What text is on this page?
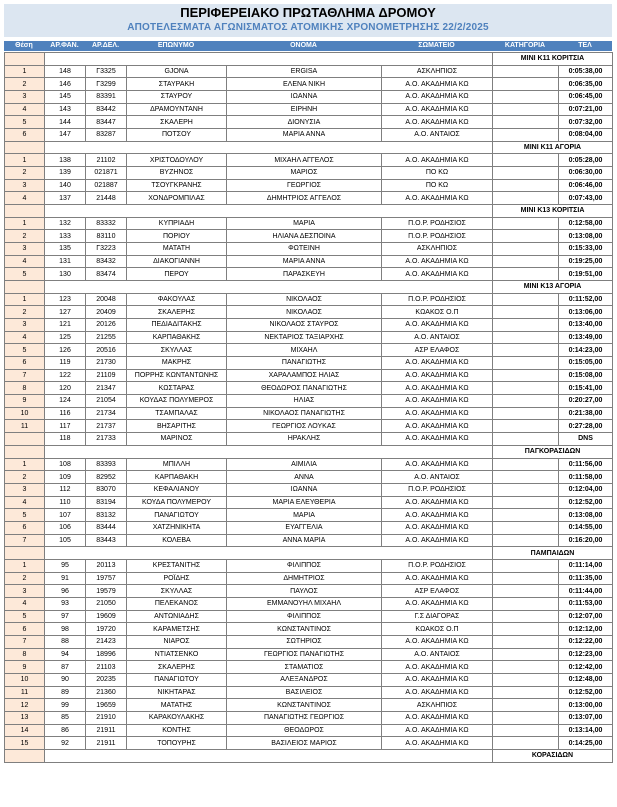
ΠΕΡΙΦΕΡΕΙΑΚΟ ΠΡΩΤΑΘΛΗΜΑ ΔΡΟΜΟΥ
ΑΠΟΤΕΛΕΣΜΑΤΑ ΑΓΩΝΙΣΜΑΤΟΣ ΑΤΟΜΙΚΗΣ ΧΡΟΝΟΜΕΤΡΗΣΗΣ 22/2/2025
Θέση	ΑΡ.ΦΑΝ.	ΑΡ.ΔΕΛ.	ΕΠΩΝΥΜΟ	ΟΝΟΜΑ	ΣΩΜΑΤΕΙΟ	ΚΑΤΗΓΟΡΙΑ	ΤΕΛ
						ΜΙΝΙ Κ11 ΚΟΡΙΤΣΙΑ	
1	148	Γ3325	GJONA	ERGISA	ΑΣΚΛΗΠΙΟΣ		0:05:38,00
2	146	Γ3299	ΣΤΑΥΡΑΚΗ	ΕΛΕΝΑ ΝΙΚΗ	Α.Ο. ΑΚΑΔΗΜΙΑ ΚΩ		0:06:35,00
3	145	83391	ΣΤΑΥΡΟΥ	ΙΩΑΝΝΑ	Α.Ο. ΑΚΑΔΗΜΙΑ ΚΩ		0:06:45,00
4	143	83442	ΔΡΑΜΟΥΝΤΑΝΗ	ΕΙΡΗΝΗ	Α.Ο. ΑΚΑΔΗΜΙΑ ΚΩ		0:07:21,00
5	144	83447	ΣΚΑΛΕΡΗ	ΔΙΟΝΥΣΙΑ	Α.Ο. ΑΚΑΔΗΜΙΑ ΚΩ		0:07:32,00
6	147	83287	ΠΟΤΣΟΥ	ΜΑΡΙΑ ΑΝΝΑ	Α.Ο. ΑΝΤΑΙΟΣ		0:08:04,00
						ΜΙΝΙ Κ11 ΑΓΟΡΙΑ	
1	138	21102	ΧΡΙΣΤΟΔΟΥΛΟΥ	ΜΙΧΑΗΛ ΑΓΓΕΛΟΣ	Α.Ο. ΑΚΑΔΗΜΙΑ ΚΩ		0:05:28,00
2	139	021871	ΒΥΖΗΝΟΣ	ΜΑΡΙΟΣ	ΠΟ ΚΩ		0:06:30,00
3	140	021887	ΤΣΟΥΓΚΡΑΝΗΣ	ΓΕΩΡΓΙΟΣ	ΠΟ ΚΩ		0:06:46,00
4	137	21448	ΧΟΝΔΡΟΜΠΙΛΑΣ	ΔΗΜΗΤΡΙΟΣ ΑΓΓΕΛΟΣ	Α.Ο. ΑΚΑΔΗΜΙΑ ΚΩ		0:07:43,00
						ΜΙΝΙ Κ13 ΚΟΡΙΤΣΙΑ	
1	132	83332	ΚΥΠΡΙΑΔΗ	ΜΑΡΙΑ	Π.Ο.Ρ. ΡΟΔΗΣΙΟΣ		0:12:58,00
2	133	83110	ΠΟΡΙΟΥ	ΗΛΙΑΝΑ ΔΕΣΠΟΙΝΑ	Π.Ο.Ρ. ΡΟΔΗΣΙΟΣ		0:13:08,00
3	135	Γ3223	ΜΑΤΑΤΗ	ΦΩΤΕΙΝΗ	ΑΣΚΛΗΠΙΟΣ		0:15:33,00
4	131	83432	ΔΙΑΚΟΓΙΑΝΝΗ	ΜΑΡΙΑ ΑΝΝΑ	Α.Ο. ΑΚΑΔΗΜΙΑ ΚΩ		0:19:25,00
5	130	83474	ΠΕΡΟΥ	ΠΑΡΑΣΚΕΥΗ	Α.Ο. ΑΚΑΔΗΜΙΑ ΚΩ		0:19:51,00
						ΜΙΝΙ Κ13 ΑΓΟΡΙΑ	
1	123	20048	ΦΑΚΟΥΛΑΣ	ΝΙΚΟΛΑΟΣ	Π.Ο.Ρ. ΡΟΔΗΣΙΟΣ		0:11:52,00
2	127	20409	ΣΚΑΛΕΡΗΣ	ΝΙΚΟΛΑΟΣ	ΚΩΑΚΟΣ Ο.Π		0:13:06,00
3	121	20126	ΠΕΔΙΑΔΙΤΑΚΗΣ	ΝΙΚΟΛΑΟΣ ΣΤΑΥΡΟΣ	Α.Ο. ΑΚΑΔΗΜΙΑ ΚΩ		0:13:40,00
4	125	21255	ΚΑΡΠΑΘΑΚΗΣ	ΝΕΚΤΑΡΙΟΣ ΤΑΞΙΑΡΧΗΣ	Α.Ο. ΑΝΤΑΙΟΣ		0:13:49,00
5	126	20516	ΣΚΥΛΛΑΣ	ΜΙΧΑΗΛ	ΑΣΡ ΕΛΑΦΟΣ		0:14:23,00
6	119	21730	ΜΑΚΡΗΣ	ΠΑΝΑΓΙΩΤΗΣ	Α.Ο. ΑΚΑΔΗΜΙΑ ΚΩ		0:15:05,00
7	122	21109	ΠΟΡΡΗΣ ΚΩΝΤΑΝΤΩΝΗΣ	ΧΑΡΑΛΑΜΠΟΣ ΗΛΙΑΣ	Α.Ο. ΑΚΑΔΗΜΙΑ ΚΩ		0:15:08,00
8	120	21347	ΚΩΣΤΑΡΑΣ	ΘΕΟΔΩΡΟΣ ΠΑΝΑΓΙΩΤΗΣ	Α.Ο. ΑΚΑΔΗΜΙΑ ΚΩ		0:15:41,00
9	124	21054	ΚΟΥΔΑΣ ΠΟΛΥΜΕΡΟΣ	ΗΛΙΑΣ	Α.Ο. ΑΚΑΔΗΜΙΑ ΚΩ		0:20:27,00
10	116	21734	ΤΣΑΜΠΑΛΑΣ	ΝΙΚΟΛΑΟΣ ΠΑΝΑΓΙΩΤΗΣ	Α.Ο. ΑΚΑΔΗΜΙΑ ΚΩ		0:21:38,00
11	117	21737	ΒΗΣΑΡΙΤΗΣ	ΓΕΩΡΓΙΟΣ ΛΟΥΚΑΣ	Α.Ο. ΑΚΑΔΗΜΙΑ ΚΩ		0:27:28,00
	118	21733	ΜΑΡΙΝΟΣ	ΗΡΑΚΛΗΣ	Α.Ο. ΑΚΑΔΗΜΙΑ ΚΩ		DNS
						ΠΑΓΚΟΡΑΣΙΔΩΝ	
1	108	83393	ΜΠΙΛΛΗ	ΑΙΜΙΛΙΑ	Α.Ο. ΑΚΑΔΗΜΙΑ ΚΩ		0:11:56,00
2	109	82952	ΚΑΡΠΑΘΑΚΗ	ΑΝΝΑ	Α.Ο. ΑΝΤΑΙΟΣ		0:11:58,00
3	112	83070	ΚΕΦΑΛΙΑΝΟΥ	ΙΩΑΝΝΑ	Π.Ο.Ρ. ΡΟΔΗΣΙΟΣ		0:12:04,00
4	110	83194	ΚΟΥΔΑ ΠΟΛΥΜΕΡΟΥ	ΜΑΡΙΑ ΕΛΕΥΘΕΡΙΑ	Α.Ο. ΑΚΑΔΗΜΙΑ ΚΩ		0:12:52,00
5	107	83132	ΠΑΝΑΓΙΩΤΟΥ	ΜΑΡΙΑ	Α.Ο. ΑΚΑΔΗΜΙΑ ΚΩ		0:13:08,00
6	106	83444	ΧΑΤΖΗΝΙΚΗΤΑ	ΕΥΑΓΓΕΛΙΑ	Α.Ο. ΑΚΑΔΗΜΙΑ ΚΩ		0:14:55,00
7	105	83443	ΚΟΛΕΒΑ	ΑΝΝΑ ΜΑΡΙΑ	Α.Ο. ΑΚΑΔΗΜΙΑ ΚΩ		0:16:20,00
						ΠΑΜΠΑΙΔΩΝ	
1	95	20113	ΚΡΕΣΤΑΝΙΤΗΣ	ΦΙΛΙΠΠΟΣ	Π.Ο.Ρ. ΡΟΔΗΣΙΟΣ		0:11:14,00
2	91	19757	ΡΟΪΔΗΣ	ΔΗΜΗΤΡΙΟΣ	Α.Ο. ΑΚΑΔΗΜΙΑ ΚΩ		0:11:35,00
3	96	19579	ΣΚΥΛΛΑΣ	ΠΑΥΛΟΣ	ΑΣΡ ΕΛΑΦΟΣ		0:11:44,00
4	93	21050	ΠΕΛΕΚΑΝΟΣ	ΕΜΜΑΝΟΥΗΛ ΜΙΧΑΗΛ	Α.Ο. ΑΚΑΔΗΜΙΑ ΚΩ		0:11:53,00
5	97	19609	ΑΝΤΩΝΙΑΔΗΣ	ΦΙΛΙΠΠΟΣ	Γ.Σ ΔΙΑΓΟΡΑΣ		0:12:07,00
6	98	19720	ΚΑΡΑΜΕΤΣΗΣ	ΚΩΝΣΤΑΝΤΙΝΟΣ	ΚΩΑΚΟΣ Ο.Π		0:12:12,00
7	88	21423	ΝΙΑΡΟΣ	ΣΩΤΗΡΙΟΣ	Α.Ο. ΑΚΑΔΗΜΙΑ ΚΩ		0:12:22,00
8	94	18996	ΝΤΙΑΤΣΕΝΚΟ	ΓΕΩΡΓΙΟΣ ΠΑΝΑΓΙΩΤΗΣ	Α.Ο. ΑΝΤΑΙΟΣ		0:12:23,00
9	87	21103	ΣΚΑΛΕΡΗΣ	ΣΤΑΜΑΤΙΟΣ	Α.Ο. ΑΚΑΔΗΜΙΑ ΚΩ		0:12:42,00
10	90	20235	ΠΑΝΑΓΙΩΤΟΥ	ΑΛΕΞΑΝΔΡΟΣ	Α.Ο. ΑΚΑΔΗΜΙΑ ΚΩ		0:12:48,00
11	89	21360	ΝΙΚΗΤΑΡΑΣ	ΒΑΣΙΛΕΙΟΣ	Α.Ο. ΑΚΑΔΗΜΙΑ ΚΩ		0:12:52,00
12	99	19659	ΜΑΤΑΤΗΣ	ΚΩΝΣΤΑΝΤΙΝΟΣ	ΑΣΚΛΗΠΙΟΣ		0:13:00,00
13	85	21910	ΚΑΡΑΚΟΥΛΑΚΗΣ	ΠΑΝΑΓΙΩΤΗΣ ΓΕΩΡΓΙΟΣ	Α.Ο. ΑΚΑΔΗΜΙΑ ΚΩ		0:13:07,00
14	86	21911	ΚΟΝΤΗΣ	ΘΕΟΔΩΡΟΣ	Α.Ο. ΑΚΑΔΗΜΙΑ ΚΩ		0:13:14,00
15	92	21911	ΤΟΠΟΥΡΗΣ	ΒΑΣΙΛΕΙΟΣ ΜΑΡΙΟΣ	Α.Ο. ΑΚΑΔΗΜΙΑ ΚΩ		0:14:25,00
						ΚΟΡΑΣΙΔΩΝ	
